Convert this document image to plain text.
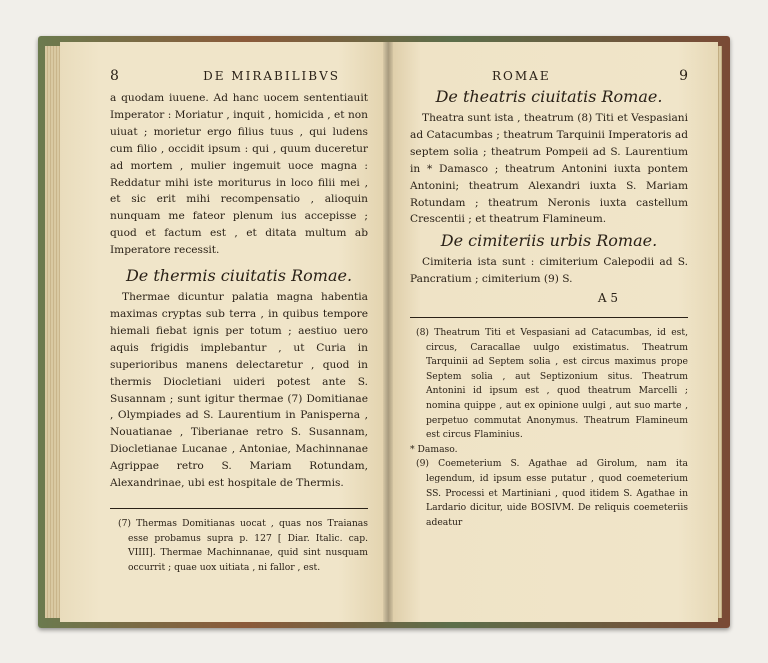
8	DE MIRABILIBVS

a quodam iuuene. Ad hanc uocem sententiauit Imperator : Moriatur , inquit , homicida , et non uiuat ; morietur ergo filius tuus , qui ludens cum filio , occidit ipsum : qui , quum duceretur ad mortem , mulier ingemuit uoce magna : Reddatur mihi iste moriturus in loco filii mei , et sic erit mihi recompensatio , alioquin nunquam me fateor plenum ius accepisse ; quod et factum est , et ditata multum ab Imperatore recessit.

De thermis ciuitatis Romae.

Thermae dicuntur palatia magna habentia maximas cryptas sub terra , in quibus tempore hiemali fiebat ignis per totum ; aestiuo uero aquis frigidis implebantur , ut Curia in superioribus manens delectaretur , quod in thermis Diocletiani uideri potest ante S. Susannam ; sunt igitur thermae (7) Domitianae , Olympiades ad S. Laurentium in Panisperna , Nouatianae , Tiberianae retro S. Susannam, Diocletianae Lucanae , Antoniae, Machinnanae Agrippae retro S. Mariam Rotundam, Alexandrinae, ubi est hospitale de Thermis.

(7) Thermas Domitianas uocat , quas nos Traianas esse probamus supra p. 127 [ Diar. Italic. cap. VIIII]. Thermae Machinnanae, quid sint nusquam occurrit ; quae uox uitiata , ni fallor , est.

ROMAE	9
De theatris ciuitatis Romae.

Theatra sunt ista , theatrum (8) Titi et Vespasiani ad Catacumbas ; theatrum Tarquinii Imperatoris ad septem solia ; theatrum Pompeii ad S. Laurentium in * Damasco ; theatrum Antonini iuxta pontem Antonini; theatrum Alexandri iuxta S. Mariam Rotundam ; theatrum Neronis iuxta castellum Crescentii ; et theatrum Flamineum.

De cimiteriis urbis Romae.

Cimiteria ista sunt : cimiterium Calepodii ad S. Pancratium ; cimiterium (9) S.

A 5

(8) Theatrum Titi et Vespasiani ad Catacumbas, id est, circus, Caracallae uulgo existimatus. Theatrum Tarquinii ad Septem solia , est circus maximus prope Septem solia , aut Septizonium situs. Theatrum Antonini id ipsum est , quod theatrum Marcelli ; nomina quippe , aut ex opinione uulgi , aut suo marte , perpetuo commutat Anonymus. Theatrum Flamineum est circus Flaminius.

* Damaso.

(9) Coemeterium S. Agathae ad Girolum, nam ita legendum, id ipsum esse putatur , quod coemeterium SS. Processi et Martiniani , quod itidem S. Agathae in Lardario dicitur, uide BOSIVM. De reliquis coemeteriis adeatur
